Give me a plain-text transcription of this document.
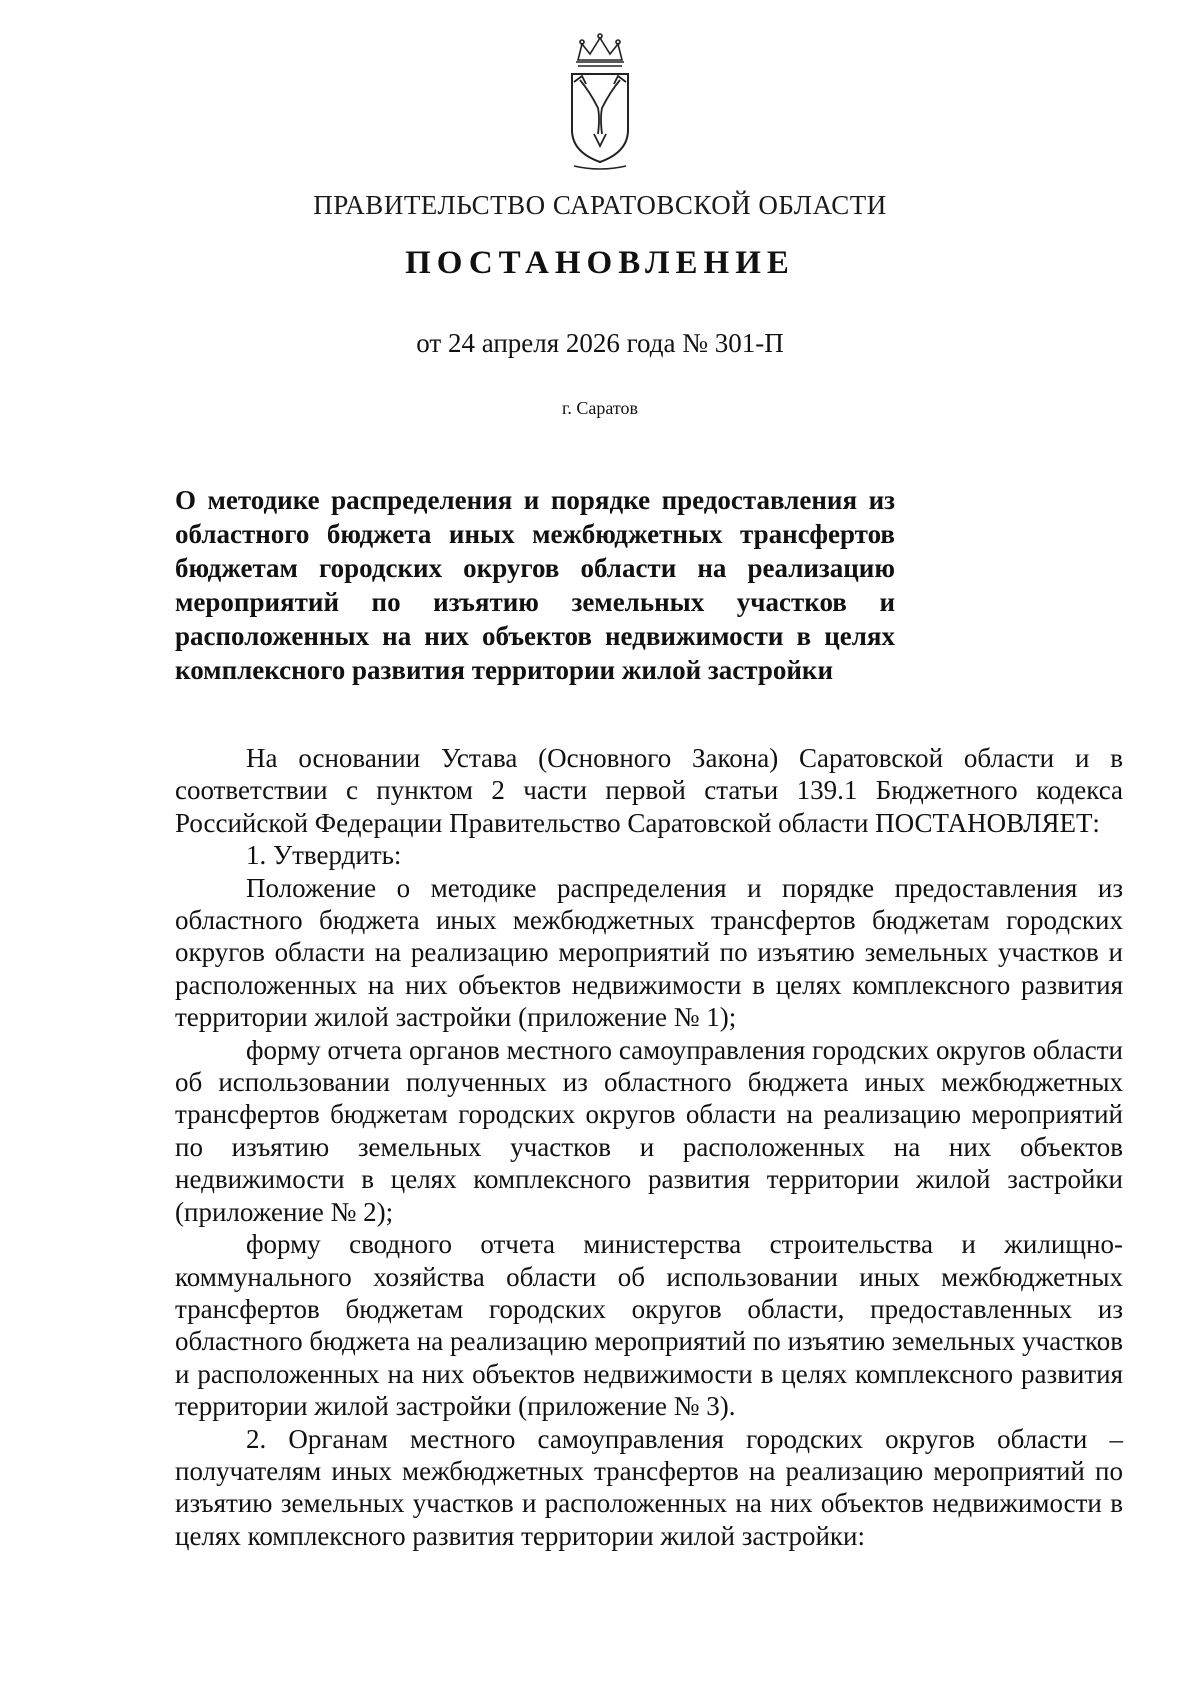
ПРАВИТЕЛЬСТВО САРАТОВСКОЙ ОБЛАСТИ
ПОСТАНОВЛЕНИЕ
от 24 апреля 2026 года № 301-П
г. Саратов
О методике распределения и порядке предоставления из областного бюджета иных межбюджетных трансфертов бюджетам городских округов области на реализацию мероприятий по изъятию земельных участков и расположенных на них объектов недвижимости в целях комплексного развития территории жилой застройки

На основании Устава (Основного Закона) Саратовской области и в соответствии с пунктом 2 части первой статьи 139.1 Бюджетного кодекса Российской Федерации Правительство Саратовской области ПОСТАНОВЛЯЕТ:

1. Утвердить:

Положение о методике распределения и порядке предоставления из областного бюджета иных межбюджетных трансфертов бюджетам городских округов области на реализацию мероприятий по изъятию земельных участков и расположенных на них объектов недвижимости в целях комплексного развития территории жилой застройки (приложение № 1);

форму отчета органов местного самоуправления городских округов области об использовании полученных из областного бюджета иных межбюджетных трансфертов бюджетам городских округов области на реализацию мероприятий по изъятию земельных участков и расположенных на них объектов недвижимости в целях комплексного развития территории жилой застройки (приложение № 2);

форму сводного отчета министерства строительства и жилищно-коммунального хозяйства области об использовании иных межбюджетных трансфертов бюджетам городских округов области, предоставленных из областного бюджета на реализацию мероприятий по изъятию земельных участков и расположенных на них объектов недвижимости в целях комплексного развития территории жилой застройки (приложение № 3).

2. Органам местного самоуправления городских округов области – получателям иных межбюджетных трансфертов на реализацию мероприятий по изъятию земельных участков и расположенных на них объектов недвижимости в целях комплексного развития территории жилой застройки:
